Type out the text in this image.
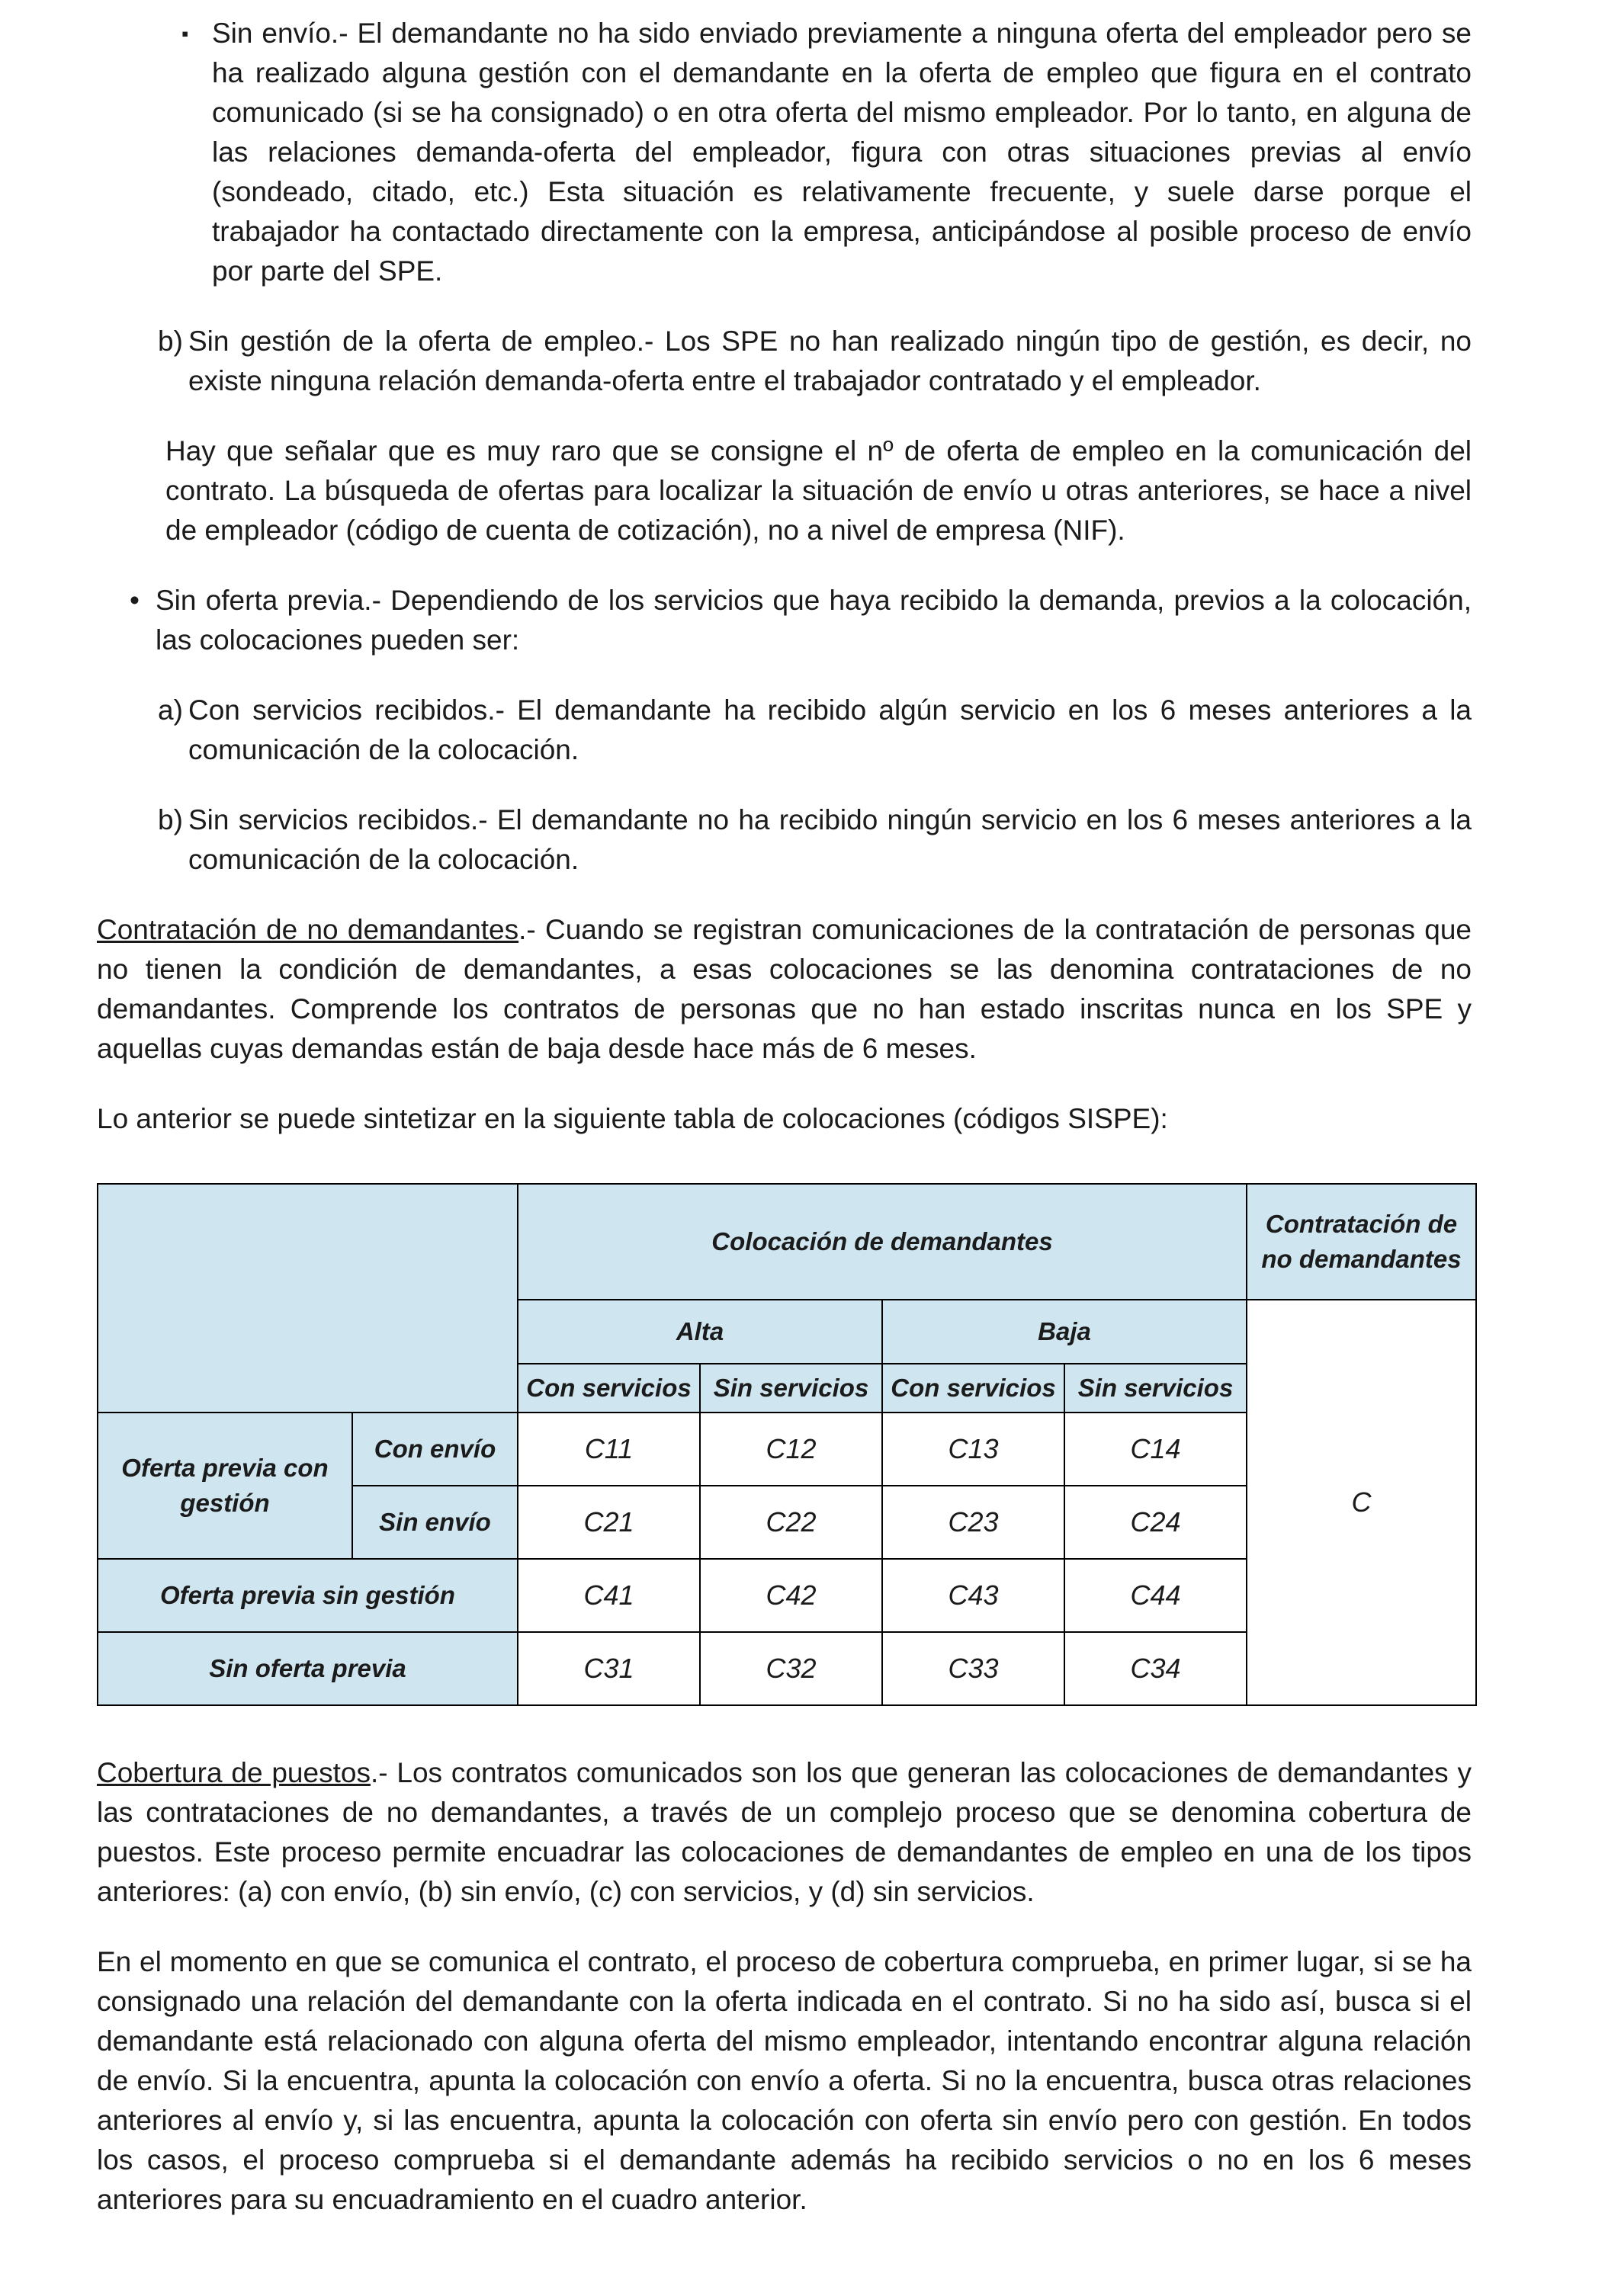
▪ Sin envío.- El demandante no ha sido enviado previamente a ninguna oferta del empleador pero se ha realizado alguna gestión con el demandante en la oferta de empleo que figura en el contrato comunicado (si se ha consignado) o en otra oferta del mismo empleador. Por lo tanto, en alguna de las relaciones demanda-oferta del empleador, figura con otras situaciones previas al envío (sondeado, citado, etc.) Esta situación es relativamente frecuente, y suele darse porque el trabajador ha contactado directamente con la empresa, anticipándose al posible proceso de envío por parte del SPE.

b) Sin gestión de la oferta de empleo.- Los SPE no han realizado ningún tipo de gestión, es decir, no existe ninguna relación demanda-oferta entre el trabajador contratado y el empleador.

Hay que señalar que es muy raro que se consigne el nº de oferta de empleo en la comunicación del contrato. La búsqueda de ofertas para localizar la situación de envío u otras anteriores, se hace a nivel de empleador (código de cuenta de cotización), no a nivel de empresa (NIF).

• Sin oferta previa.- Dependiendo de los servicios que haya recibido la demanda, previos a la colocación, las colocaciones pueden ser:

a) Con servicios recibidos.- El demandante ha recibido algún servicio en los 6 meses anteriores a la comunicación de la colocación.

b) Sin servicios recibidos.- El demandante no ha recibido ningún servicio en los 6 meses anteriores a la comunicación de la colocación.

Contratación de no demandantes.- Cuando se registran comunicaciones de la contratación de personas que no tienen la condición de demandantes, a esas colocaciones se las denomina contrataciones de no demandantes. Comprende los contratos de personas que no han estado inscritas nunca en los SPE y aquellas cuyas demandas están de baja desde hace más de 6 meses.

Lo anterior se puede sintetizar en la siguiente tabla de colocaciones (códigos SISPE):

		Colocación de demandantes				Contratación de no demandantes
		Alta		Baja		C
		Con servicios	Sin servicios	Con servicios	Sin servicios	
Oferta previa con gestión	Con envío	C11	C12	C13	C14	
	Sin envío	C21	C22	C23	C24	
Oferta previa sin gestión		C41	C42	C43	C44	
Sin oferta previa		C31	C32	C33	C34	

Cobertura de puestos.- Los contratos comunicados son los que generan las colocaciones de demandantes y las contrataciones de no demandantes, a través de un complejo proceso que se denomina cobertura de puestos. Este proceso permite encuadrar las colocaciones de demandantes de empleo en una de los tipos anteriores: (a) con envío, (b) sin envío, (c) con servicios, y (d) sin servicios.

En el momento en que se comunica el contrato, el proceso de cobertura comprueba, en primer lugar, si se ha consignado una relación del demandante con la oferta indicada en el contrato. Si no ha sido así, busca si el demandante está relacionado con alguna oferta del mismo empleador, intentando encontrar alguna relación de envío. Si la encuentra, apunta la colocación con envío a oferta. Si no la encuentra, busca otras relaciones anteriores al envío y, si las encuentra, apunta la colocación con oferta sin envío pero con gestión. En todos los casos, el proceso comprueba si el demandante además ha recibido servicios o no en los 6 meses anteriores para su encuadramiento en el cuadro anterior.
